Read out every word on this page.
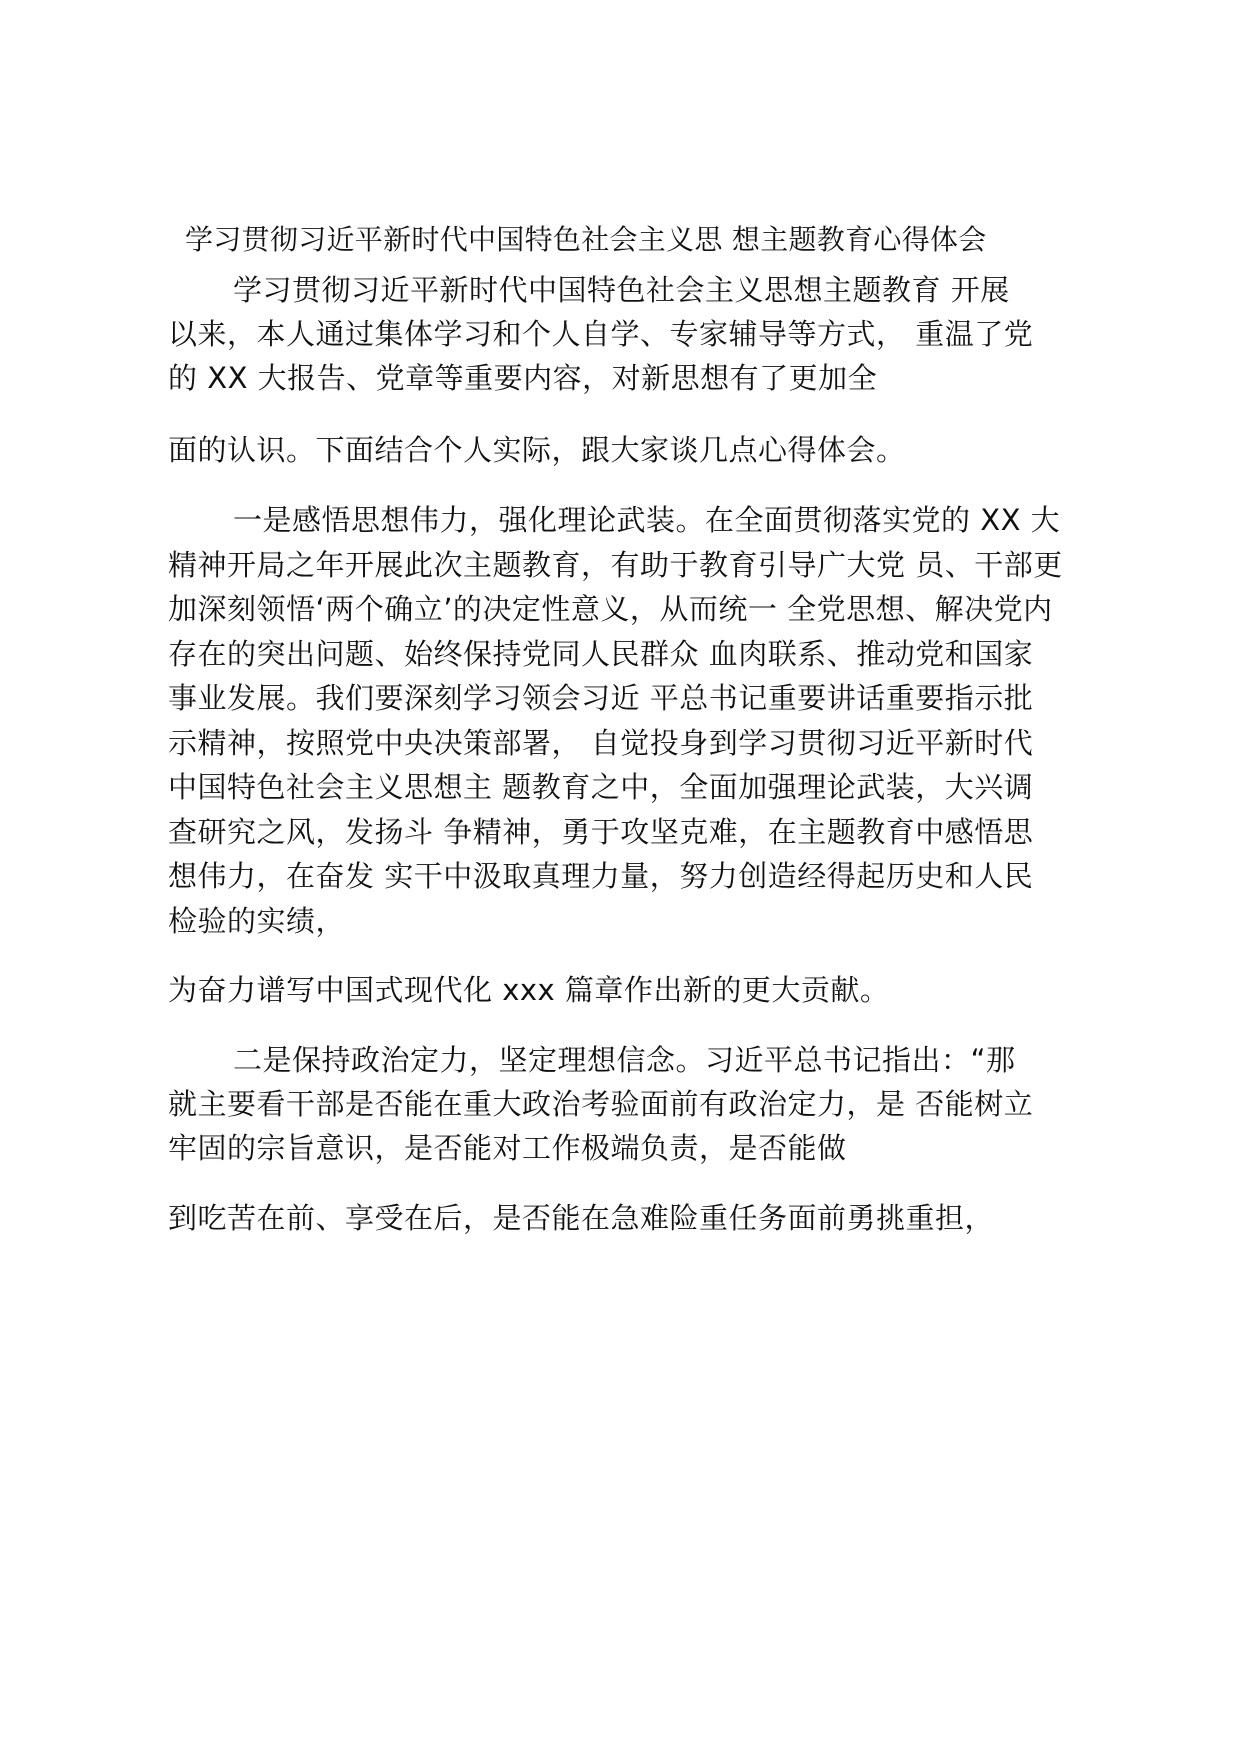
学习贯彻习近平新时代中国特色社会主义思 想主题教育心得体会
学习贯彻习近平新时代中国特色社会主义思想主题教育 开展
以来，本人通过集体学习和个人自学、专家辅导等方式， 重温了党
的 XX 大报告、党章等重要内容，对新思想有了更加全
面的认识。下面结合个人实际，跟大家谈几点心得体会。
一是感悟思想伟力，强化理论武装。在全面贯彻落实党的 XX 大
精神开局之年开展此次主题教育，有助于教育引导广大党 员、干部更
加深刻领悟‘两个确立’的决定性意义，从而统一 全党思想、解决党内
存在的突出问题、始终保持党同人民群众 血肉联系、推动党和国家
事业发展。我们要深刻学习领会习近 平总书记重要讲话重要指示批
示精神，按照党中央决策部署， 自觉投身到学习贯彻习近平新时代
中国特色社会主义思想主 题教育之中，全面加强理论武装，大兴调
查研究之风，发扬斗 争精神，勇于攻坚克难，在主题教育中感悟思
想伟力，在奋发 实干中汲取真理力量，努力创造经得起历史和人民
检验的实绩，
为奋力谱写中国式现代化 xxx 篇章作出新的更大贡献。
二是保持政治定力，坚定理想信念。习近平总书记指出：“那
就主要看干部是否能在重大政治考验面前有政治定力，是 否能树立
牢固的宗旨意识，是否能对工作极端负责，是否能做
到吃苦在前、享受在后，是否能在急难险重任务面前勇挑重担，
